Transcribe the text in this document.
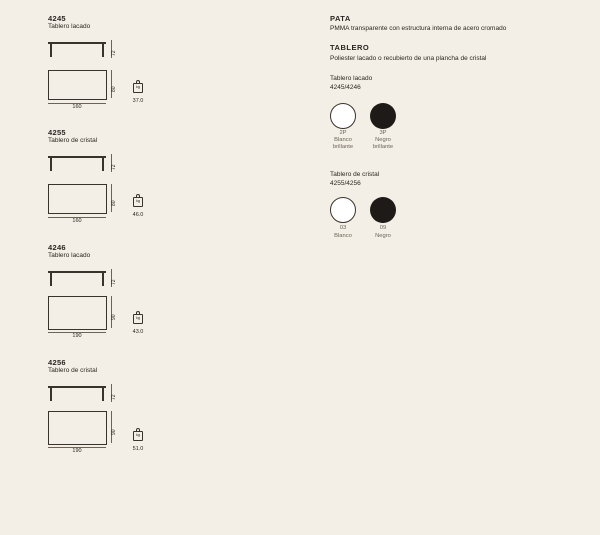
4245
Tablero lacado
72
80
160
kg
37.0
4255
Tablero de cristal
72
80
160
kg
46.0
4246
Tablero lacado
72
90
190
kg
43.0
4256
Tablero de cristal
72
90
190
kg
51.0
PATA
PMMA transparente con estructura interna de acero cromado
TABLERO
Poliester lacado o recubierto de una plancha de cristal
Tablero lacado
4245/4246
2P
Blanco brillante
3P
Negro brillante
Tablero de cristal
4255/4256
03
Blanco
09
Negro
